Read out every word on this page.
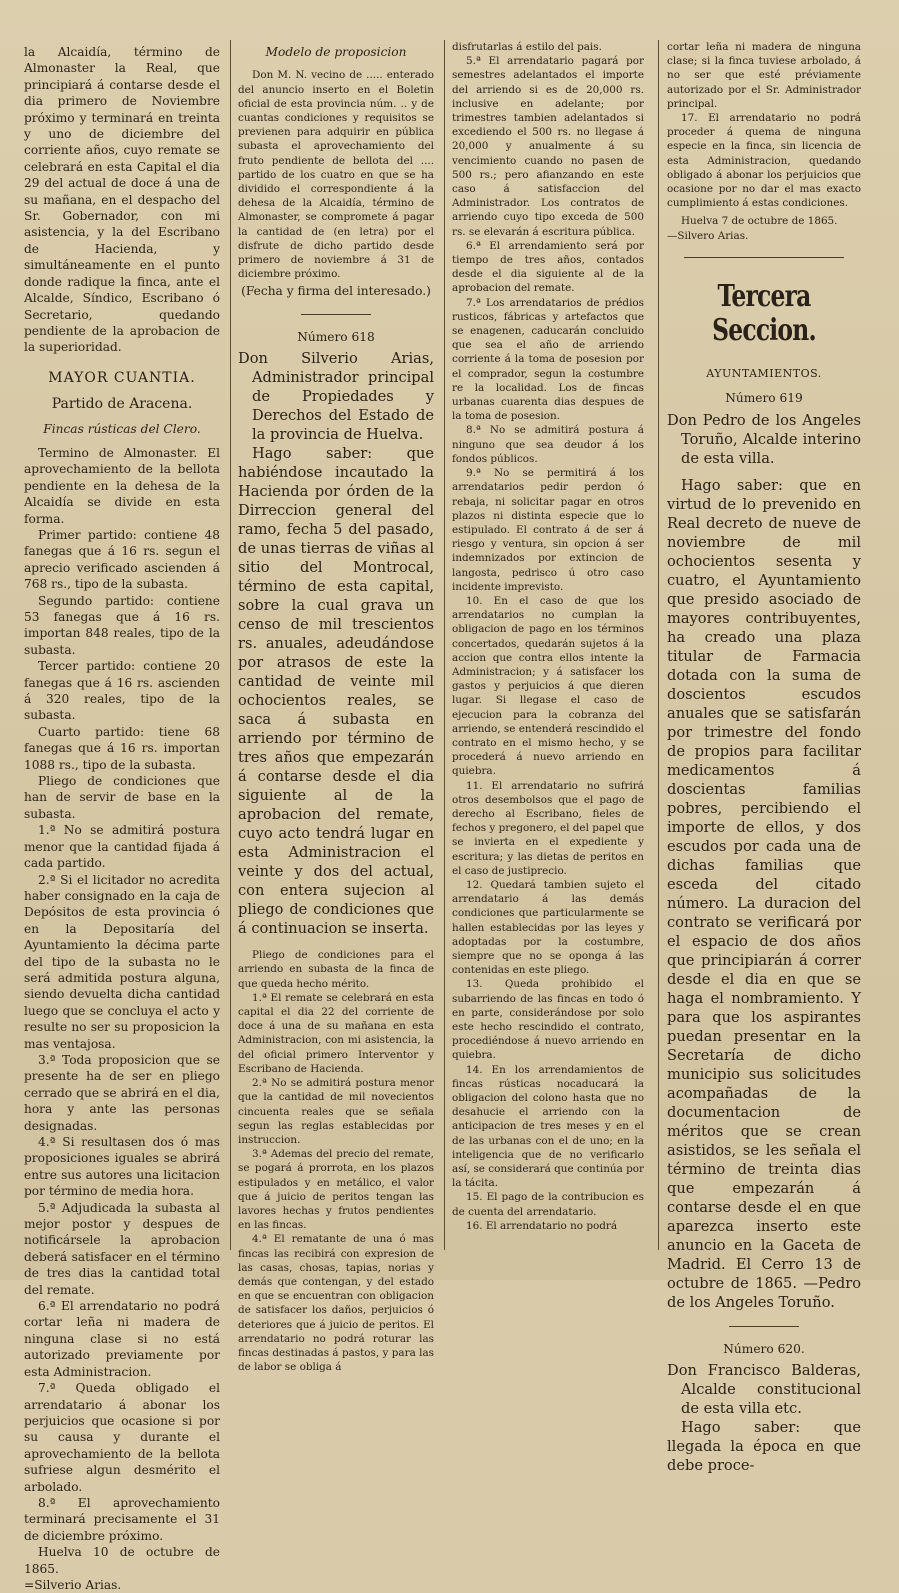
la Alcaidía, término de Almonaster la Real, que principiará á contarse desde el dia primero de Noviembre próximo y terminará en treinta y uno de diciembre del corriente años, cuyo remate se celebrará en esta Capital el dia 29 del actual de doce á una de su mañana, en el despacho del Sr. Gobernador, con mi asistencia, y la del Escribano de Hacienda, y simultáneamente en el punto donde radique la finca, ante el Alcalde, Síndico, Escribano ó Secretario, quedando pendiente de la aprobacion de la superioridad.

MAYOR CUANTIA.

Partido de Aracena.

Fincas rústicas del Clero.

Termino de Almonaster. El aprovechamiento de la bellota pendiente en la dehesa de la Alcaidía se divide en esta forma.

Primer partido: contiene 48 fanegas que á 16 rs. segun el aprecio verificado ascienden á 768 rs., tipo de la subasta.

Segundo partido: contiene 53 fanegas que á 16 rs. importan 848 reales, tipo de la subasta.

Tercer partido: contiene 20 fanegas que á 16 rs. ascienden á 320 reales, tipo de la subasta.

Cuarto partido: tiene 68 fanegas que á 16 rs. importan 1088 rs., tipo de la subasta.

Pliego de condiciones que han de servir de base en la subasta.

1.ª No se admitirá postura menor que la cantidad fijada á cada partido.

2.ª Si el licitador no acredita haber consignado en la caja de Depósitos de esta provincia ó en la Depositaría del Ayuntamiento la décima parte del tipo de la subasta no le será admitida postura alguna, siendo devuelta dicha cantidad luego que se concluya el acto y resulte no ser su proposicion la mas ventajosa.

3.ª Toda proposicion que se presente ha de ser en pliego cerrado que se abrirá en el dia, hora y ante las personas designadas.

4.ª Si resultasen dos ó mas proposiciones iguales se abrirá entre sus autores una licitacion por término de media hora.

5.ª Adjudicada la subasta al mejor postor y despues de notificársele la aprobacion deberá satisfacer en el término de tres dias la cantidad total del remate.

6.ª El arrendatario no podrá cortar leña ni madera de ninguna clase si no está autorizado previamente por esta Administracion.

7.ª Queda obligado el arrendatario á abonar los perjuicios que ocasione si por su causa y durante el aprovechamiento de la bellota sufriese algun desmérito el arbolado.

8.ª El aprovechamiento terminará precisamente el 31 de diciembre próximo.

Huelva 10 de octubre de 1865.

=Silverio Arias.

Modelo de proposicion

Don M. N. vecino de ..... enterado del anuncio inserto en el Boletin oficial de esta provincia núm. .. y de cuantas condiciones y requisitos se previenen para adquirir en pública subasta el aprovechamiento del fruto pendiente de bellota del .... partido de los cuatro en que se ha dividido el correspondiente á la dehesa de la Alcaidía, término de Almonaster, se compromete á pagar la cantidad de (en letra) por el disfrute de dicho partido desde primero de noviembre á 31 de diciembre próximo.

(Fecha y firma del interesado.)

Número 618

Don Silverio Arias, Administrador principal de Propiedades y Derechos del Estado de la provincia de Huelva.

Hago saber: que habiéndose incautado la Hacienda por órden de la Dirreccion general del ramo, fecha 5 del pasado, de unas tierras de viñas al sitio del Montrocal, término de esta capital, sobre la cual grava un censo de mil trescientos rs. anuales, adeudándose por atrasos de este la cantidad de veinte mil ochocientos reales, se saca á subasta en arriendo por término de tres años que empezarán á contarse desde el dia siguiente al de la aprobacion del remate, cuyo acto tendrá lugar en esta Administracion el veinte y dos del actual, con entera sujecion al pliego de condiciones que á continuacion se inserta.

Pliego de condiciones para el arriendo en subasta de la finca de que queda hecho mérito.

1.ª El remate se celebrará en esta capital el dia 22 del corriente de doce á una de su mañana en esta Administracion, con mi asistencia, la del oficial primero Interventor y Escribano de Hacienda.

2.ª No se admitirá postura menor que la cantidad de mil novecientos cincuenta reales que se señala segun las reglas establecidas por instruccion.

3.ª Ademas del precio del remate, se pogará á prorrota, en los plazos estipulados y en metálico, el valor que á juicio de peritos tengan las lavores hechas y frutos pendientes en las fincas.

4.ª El rematante de una ó mas fincas las recibirá con expresion de las casas, chosas, tapias, norias y demás que contengan, y del estado en que se encuentran con obligacion de satisfacer los daños, perjuicios ó deteriores que á juicio de peritos. El arrendatario no podrá roturar las fincas destinadas á pastos, y para las de labor se obliga á

disfrutarlas á estilo del pais.

5.ª El arrendatario pagará por semestres adelantados el importe del arriendo si es de 20,000 rs. inclusive en adelante; por trimestres tambien adelantados si excediendo el 500 rs. no llegase á 20,000 y anualmente á su vencimiento cuando no pasen de 500 rs.; pero afianzando en este caso á satisfaccion del Administrador. Los contratos de arriendo cuyo tipo exceda de 500 rs. se elevarán á escritura pública.

6.ª El arrendamiento será por tiempo de tres años, contados desde el dia siguiente al de la aprobacion del remate.

7.ª Los arrendatarios de prédios rusticos, fábricas y artefactos que se enagenen, caducarán concluido que sea el año de arriendo corriente á la toma de posesion por el comprador, segun la costumbre re la localidad. Los de fincas urbanas cuarenta dias despues de la toma de posesion.

8.ª No se admitirá postura á ninguno que sea deudor á los fondos públicos.

9.ª No se permitirá á los arrendatarios pedir perdon ó rebaja, ni solicitar pagar en otros plazos ni distinta especie que lo estipulado. El contrato á de ser á riesgo y ventura, sin opcion á ser indemnizados por extincion de langosta, pedrisco ú otro caso incidente imprevisto.

10. En el caso de que los arrendatarios no cumplan la obligacion de pago en los términos concertados, quedarán sujetos á la accion que contra ellos intente la Administracion; y á satisfacer los gastos y perjuicios á que dieren lugar. Si llegase el caso de ejecucion para la cobranza del arriendo, se entenderá rescindido el contrato en el mismo hecho, y se procederá á nuevo arriendo en quiebra.

11. El arrendatario no sufrirá otros desembolsos que el pago de derecho al Escribano, fieles de fechos y pregonero, el del papel que se invierta en el expediente y escritura; y las dietas de peritos en el caso de justiprecio.

12. Quedará tambien sujeto el arrendatario á las demás condiciones que particularmente se hallen establecidas por las leyes y adoptadas por la costumbre, siempre que no se oponga á las contenidas en este pliego.

13. Queda prohibido el subarriendo de las fincas en todo ó en parte, considerándose por solo este hecho rescindido el contrato, procediéndose á nuevo arriendo en quiebra.

14. En los arrendamientos de fincas rústicas nocaducará la obligacion del colono hasta que no desahucie el arriendo con la anticipacion de tres meses y en el de las urbanas con el de uno; en la inteligencia que de no verificarlo así, se considerará que continúa por la tácita.

15. El pago de la contribucion es de cuenta del arrendatario.

16. El arrendatario no podrá

cortar leña ni madera de ninguna clase; si la finca tuviese arbolado, á no ser que esté préviamente autorizado por el Sr. Administrador principal.

17. El arrendatario no podrá proceder á quema de ninguna especie en la finca, sin licencia de esta Administracion, quedando obligado á abonar los perjuicios que ocasione por no dar el mas exacto cumplimiento á estas condiciones.

Huelva 7 de octubre de 1865.

—Silvero Arias.

Tercera Seccion.

AYUNTAMIENTOS.

Número 619

Don Pedro de los Angeles Toruño, Alcalde interino de esta villa.

Hago saber: que en virtud de lo prevenido en Real decreto de nueve de noviembre de mil ochocientos sesenta y cuatro, el Ayuntamiento que presido asociado de mayores contribuyentes, ha creado una plaza titular de Farmacia dotada con la suma de doscientos escudos anuales que se satisfarán por trimestre del fondo de propios para facilitar medicamentos á doscientas familias pobres, percibiendo el importe de ellos, y dos escudos por cada una de dichas familias que esceda del citado número. La duracion del contrato se verificará por el espacio de dos años que principiarán á correr desde el dia en que se haga el nombramiento. Y para que los aspirantes puedan presentar en la Secretaría de dicho municipio sus solicitudes acompañadas de la documentacion de méritos que se crean asistidos, se les señala el término de treinta dias que empezarán á contarse desde el en que aparezca inserto este anuncio en la Gaceta de Madrid. El Cerro 13 de octubre de 1865. —Pedro de los Angeles Toruño.

Número 620.

Don Francisco Balderas, Alcalde constitucional de esta villa etc.

Hago saber: que llegada la época en que debe proce-
